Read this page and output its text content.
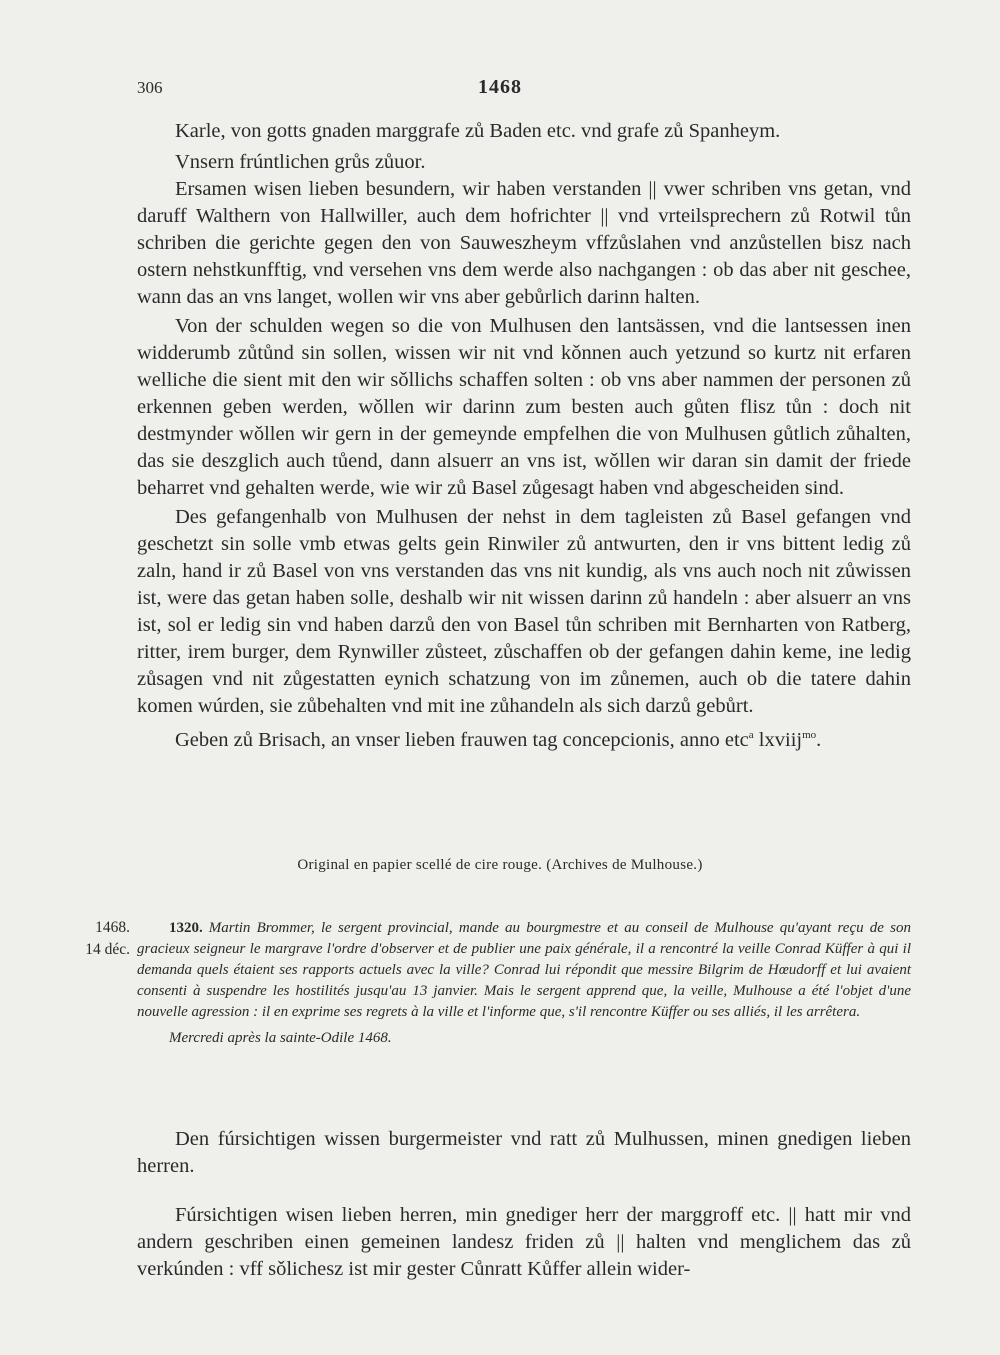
306	1468

Karle, von gotts gnaden marggrafe zů Baden etc. vnd grafe zů Spanheym.

Vnsern frúntlichen grůs zůuor.

Ersamen wisen lieben besundern, wir haben verstanden || vwer schriben vns getan, vnd daruff Walthern von Hallwiller, auch dem hofrichter || vnd vrteilsprechern zů Rotwil tůn schriben die gerichte gegen den von Sauweszheym vffzůslahen vnd anzůstellen bisz nach ostern nehstkunfftig, vnd versehen vns dem werde also nachgangen : ob das aber nit geschee, wann das an vns langet, wollen wir vns aber gebůrlich darinn halten.

Von der schulden wegen so die von Mulhusen den lantsässen, vnd die lantsessen inen widderumb zůtůnd sin sollen, wissen wir nit vnd kǒnnen auch yetzund so kurtz nit erfaren welliche die sient mit den wir sǒllichs schaffen solten : ob vns aber nammen der personen zů erkennen geben werden, wǒllen wir darinn zum besten auch gůten flisz tůn : doch nit destmynder wǒllen wir gern in der gemeynde empfelhen die von Mulhusen gůtlich zůhalten, das sie deszglich auch tůend, dann alsuerr an vns ist, wǒllen wir daran sin damit der friede beharret vnd gehalten werde, wie wir zů Basel zůgesagt haben vnd abgescheiden sind.

Des gefangenhalb von Mulhusen der nehst in dem tagleisten zů Basel gefangen vnd geschetzt sin solle vmb etwas gelts gein Rinwiler zů antwurten, den ir vns bittent ledig zů zaln, hand ir zů Basel von vns verstanden das vns nit kundig, als vns auch noch nit zůwissen ist, were das getan haben solle, deshalb wir nit wissen darinn zů handeln : aber alsuerr an vns ist, sol er ledig sin vnd haben darzů den von Basel tůn schriben mit Bernharten von Ratberg, ritter, irem burger, dem Rynwiller zůsteet, zůschaffen ob der gefangen dahin keme, ine ledig zůsagen vnd nit zůgestatten eynich schatzung von im zůnemen, auch ob die tatere dahin komen wúrden, sie zůbehalten vnd mit ine zůhandeln als sich darzů gebůrt.

Geben zů Brisach, an vnser lieben frauwen tag concepcionis, anno etc$^a$ lxviij$^{mo}$.

Original en papier scellé de cire rouge. (Archives de Mulhouse.)
1468.
14 déc.
1320. Martin Brommer, le sergent provincial, mande au bourgmestre et au conseil de Mulhouse qu'ayant reçu de son gracieux seigneur le margrave l'ordre d'observer et de publier une paix générale, il a rencontré la veille Conrad Küffer à qui il demanda quels étaient ses rapports actuels avec la ville? Conrad lui répondit que messire Bilgrim de Hœudorff et lui avaient consenti à suspendre les hostilités jusqu'au 13 janvier. Mais le sergent apprend que, la veille, Mulhouse a été l'objet d'une nouvelle agression : il en exprime ses regrets à la ville et l'informe que, s'il rencontre Küffer ou ses alliés, il les arrêtera.
Mercredi après la sainte-Odile 1468.

Den fúrsichtigen wissen burgermeister vnd ratt zů Mulhussen, minen gnedigen lieben herren.

Fúrsichtigen wisen lieben herren, min gnediger herr der marggroff etc. || hatt mir vnd andern geschriben einen gemeinen landesz friden zů || halten vnd menglichem das zů verkúnden : vff sǒlichesz ist mir gester Cůnratt Kůffer allein wider-
